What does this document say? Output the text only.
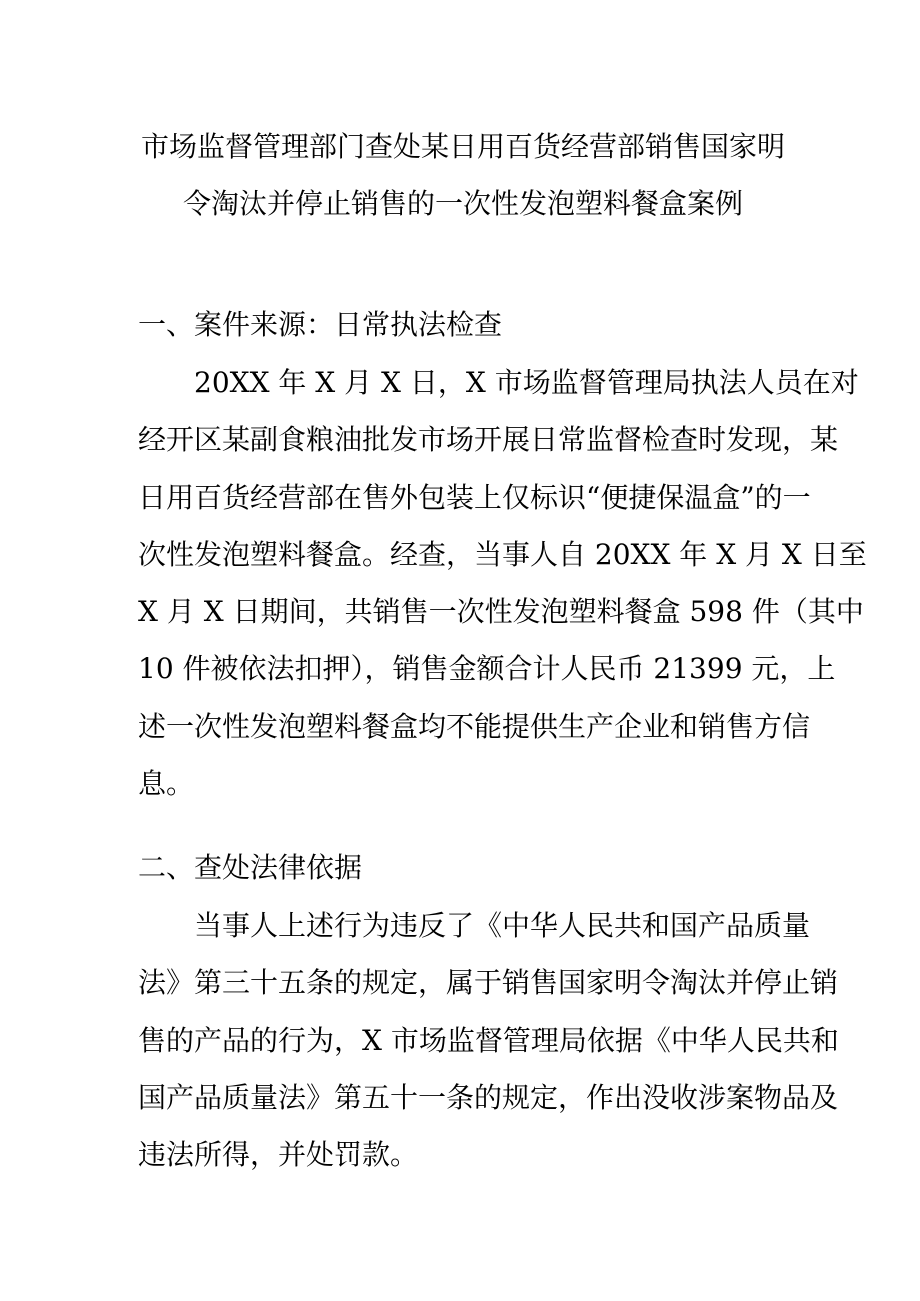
市场监督管理部门查处某日用百货经营部销售国家明
令淘汰并停止销售的一次性发泡塑料餐盒案例
一、案件来源：日常执法检查

20XX 年 X 月 X 日，X 市场监督管理局执法人员在对
经开区某副食粮油批发市场开展日常监督检查时发现，某
日用百货经营部在售外包装上仅标识“便捷保温盒”的一
次性发泡塑料餐盒。经查，当事人自 20XX 年 X 月 X 日至
X 月 X 日期间，共销售一次性发泡塑料餐盒 598 件（其中
10 件被依法扣押），销售金额合计人民币 21399 元，上
述一次性发泡塑料餐盒均不能提供生产企业和销售方信
息。

二、查处法律依据

当事人上述行为违反了《中华人民共和国产品质量
法》第三十五条的规定，属于销售国家明令淘汰并停止销
售的产品的行为，X 市场监督管理局依据《中华人民共和
国产品质量法》第五十一条的规定，作出没收涉案物品及
违法所得，并处罚款。
